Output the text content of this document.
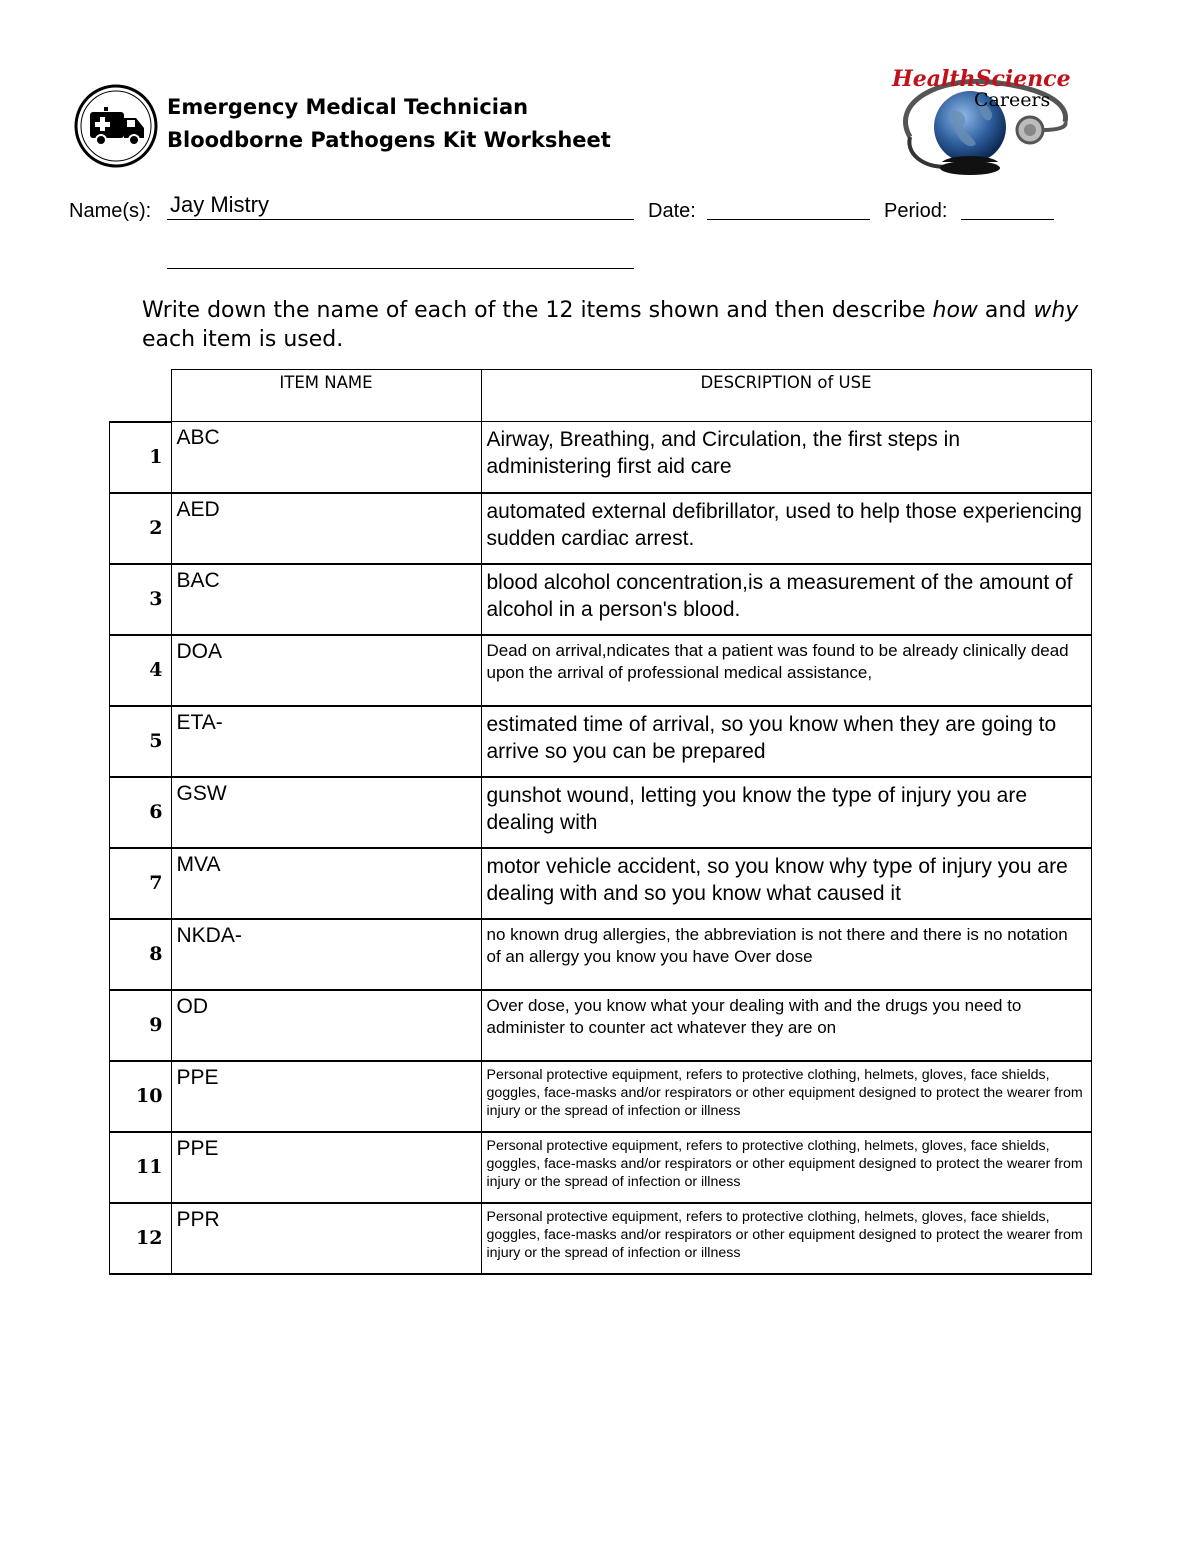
Emergency Medical Technician
Bloodborne Pathogens Kit Worksheet
HealthScience
Careers
Name(s): Jay Mistry	Date:	Period:
Write down the name of each of the 12 items shown and then describe how and why each item is used.
	ITEM NAME	DESCRIPTION of USE
1	ABC	Airway, Breathing, and Circulation, the first steps in administering first aid care
2	AED	automated external defibrillator, used to help those experiencing sudden cardiac arrest.
3	BAC	blood alcohol concentration,is a measurement of the amount of alcohol in a person's blood.
4	DOA	Dead on arrival,ndicates that a patient was found to be already clinically dead upon the arrival of professional medical assistance,
5	ETA-	estimated time of arrival, so you know when they are going to arrive so you can be prepared
6	GSW	gunshot wound, letting you know the type of injury you are dealing with
7	MVA	motor vehicle accident, so you know why type of injury you are dealing with and so you know what caused it
8	NKDA-	no known drug allergies, the abbreviation is not there and there is no notation of an allergy you know you have Over dose
9	OD	Over dose, you know what your dealing with and the drugs you need to administer to counter act whatever they are on
10	PPE	Personal protective equipment, refers to protective clothing, helmets, gloves, face shields, goggles, face-masks and/or respirators or other equipment designed to protect the wearer from injury or the spread of infection or illness
11	PPE	Personal protective equipment, refers to protective clothing, helmets, gloves, face shields, goggles, face-masks and/or respirators or other equipment designed to protect the wearer from injury or the spread of infection or illness
12	PPR	Personal protective equipment, refers to protective clothing, helmets, gloves, face shields, goggles, face-masks and/or respirators or other equipment designed to protect the wearer from injury or the spread of infection or illness
